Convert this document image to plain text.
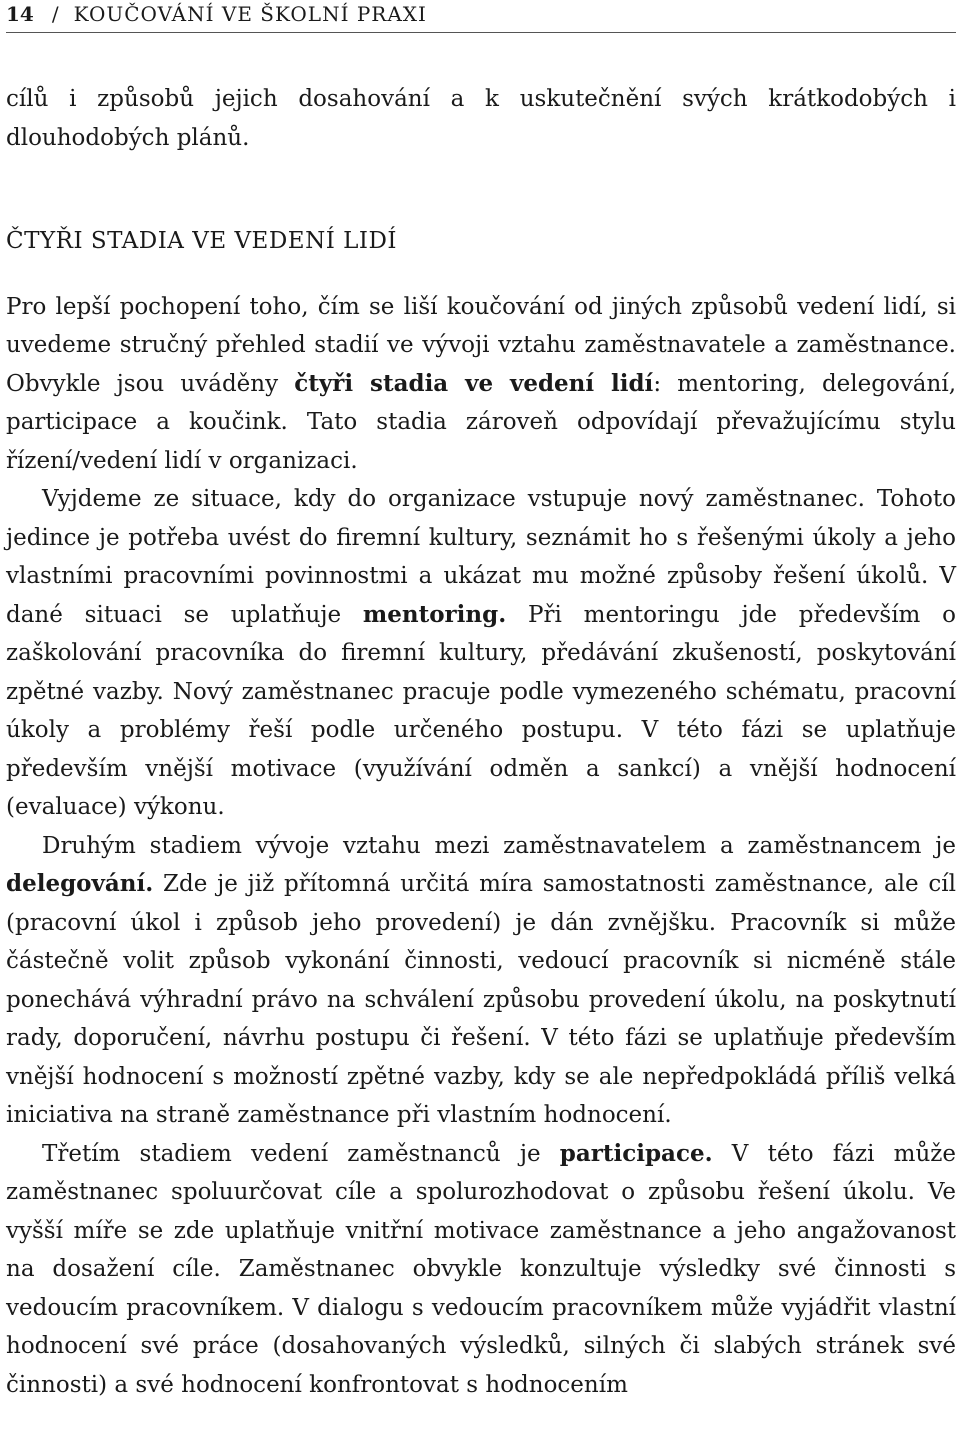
14 / KOUČOVÁNÍ VE ŠKOLNÍ PRAXI

cílů i způsobů jejich dosahování a k uskutečnění svých krátkodobých i dlouhodobých plánů.

ČTYŘI STADIA VE VEDENÍ LIDÍ

Pro lepší pochopení toho, čím se liší koučování od jiných způsobů vedení lidí, si uvedeme stručný přehled stadií ve vývoji vztahu zaměstnavatele a zaměstnance. Obvykle jsou uváděny čtyři stadia ve vedení lidí: mentoring, delegování, participace a koučink. Tato stadia zároveň odpovídají převažujícímu stylu řízení/vedení lidí v organizaci.

Vyjdeme ze situace, kdy do organizace vstupuje nový zaměstnanec. Tohoto jedince je potřeba uvést do firemní kultury, seznámit ho s řešenými úkoly a jeho vlastními pracovními povinnostmi a ukázat mu možné způsoby řešení úkolů. V dané situaci se uplatňuje mentoring. Při mentoringu jde především o zaškolování pracovníka do firemní kultury, předávání zkušeností, poskytování zpětné vazby. Nový zaměstnanec pracuje podle vymezeného schématu, pracovní úkoly a problémy řeší podle určeného postupu. V této fázi se uplatňuje především vnější motivace (využívání odměn a sankcí) a vnější hodnocení (evaluace) výkonu.

Druhým stadiem vývoje vztahu mezi zaměstnavatelem a zaměstnancem je delegování. Zde je již přítomná určitá míra samostatnosti zaměstnance, ale cíl (pracovní úkol i způsob jeho provedení) je dán zvnějšku. Pracovník si může částečně volit způsob vykonání činnosti, vedoucí pracovník si nicméně stále ponechává výhradní právo na schválení způsobu provedení úkolu, na poskytnutí rady, doporučení, návrhu postupu či řešení. V této fázi se uplatňuje především vnější hodnocení s možností zpětné vazby, kdy se ale nepředpokládá příliš velká iniciativa na straně zaměstnance při vlastním hodnocení.

Třetím stadiem vedení zaměstnanců je participace. V této fázi může zaměstnanec spoluurčovat cíle a spolurozhodovat o způsobu řešení úkolu. Ve vyšší míře se zde uplatňuje vnitřní motivace zaměstnance a jeho angažovanost na dosažení cíle. Zaměstnanec obvykle konzultuje výsledky své činnosti s vedoucím pracovníkem. V dialogu s vedoucím pracovníkem může vyjádřit vlastní hodnocení své práce (dosahovaných výsledků, silných či slabých stránek své činnosti) a své hodnocení konfrontovat s hodnocením
